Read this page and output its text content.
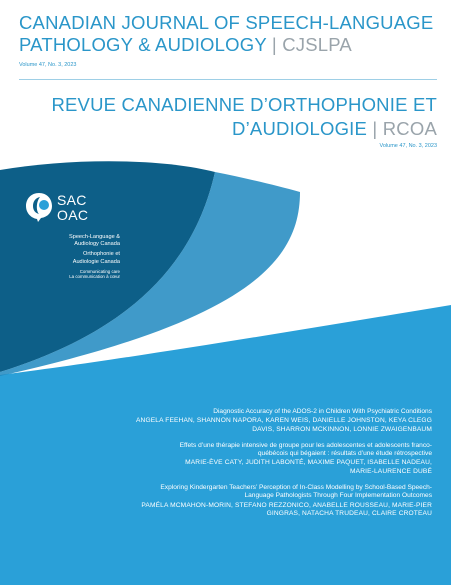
CANADIAN JOURNAL OF SPEECH-LANGUAGE
PATHOLOGY & AUDIOLOGY | CJSLPA
Volume 47, No. 3, 2023
REVUE CANADIENNE D’ORTHOPHONIE ET
D’AUDIOLOGIE | RCOA
Volume 47, No. 3, 2023
SAC
OAC
Speech-Language &
Audiology Canada
Orthophonie et
Audiologie Canada
Communicating care
La communication à cœur
Diagnostic Accuracy of the ADOS-2 in Children With Psychiatric Conditions
ANGELA FEEHAN, SHANNON NAPORA, KAREN WEIS, DANIELLE JOHNSTON, KEYA CLEGG
DAVIS, SHARRON MCKINNON, LONNIE ZWAIGENBAUM
Effets d’une thérapie intensive de groupe pour les adolescentes et adolescents franco-
québécois qui bégaient : résultats d’une étude rétrospective
MARIE-ÈVE CATY, JUDITH LABONTÉ, MAXIME PAQUET, ISABELLE NADEAU,
MARIE-LAURENCE DUBÉ
Exploring Kindergarten Teachers’ Perception of In-Class Modelling by School-Based Speech-
Language Pathologists Through Four Implementation Outcomes
PAMÉLA MCMAHON-MORIN, STEFANO REZZONICO, ANABELLE ROUSSEAU, MARIE-PIER
GINGRAS, NATACHA TRUDEAU, CLAIRE CROTEAU
